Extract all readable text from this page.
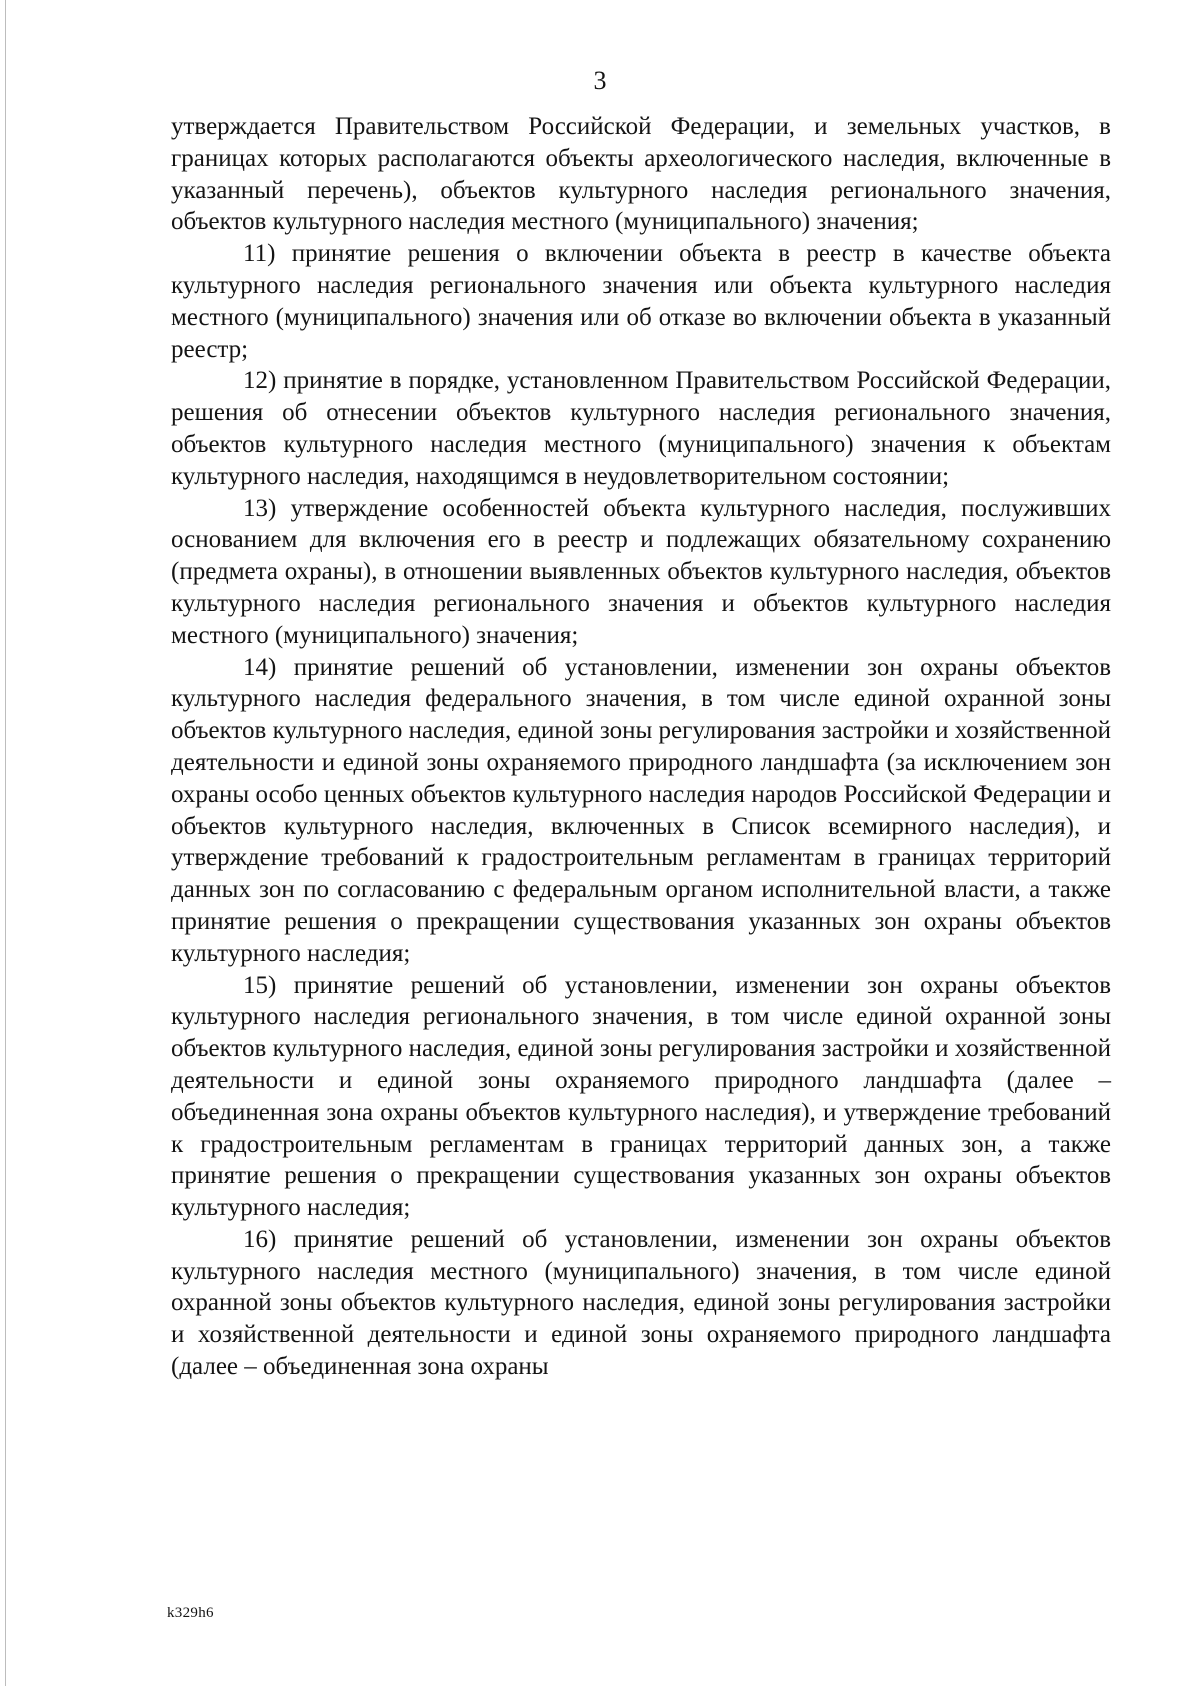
3

утверждается Правительством Российской Федерации, и земельных участков, в границах которых располагаются объекты археологического наследия, включенные в указанный перечень), объектов культурного наследия регионального значения, объектов культурного наследия местного (муниципального) значения;

11) принятие решения о включении объекта в реестр в качестве объекта культурного наследия регионального значения или объекта культурного наследия местного (муниципального) значения или об отказе во включении объекта в указанный реестр;

12) принятие в порядке, установленном Правительством Российской Федерации, решения об отнесении объектов культурного наследия регионального значения, объектов культурного наследия местного (муниципального) значения к объектам культурного наследия, находящимся в неудовлетворительном состоянии;

13) утверждение особенностей объекта культурного наследия, послуживших основанием для включения его в реестр и подлежащих обязательному сохранению (предмета охраны), в отношении выявленных объектов культурного наследия, объектов культурного наследия регионального значения и объектов культурного наследия местного (муниципального) значения;

14) принятие решений об установлении, изменении зон охраны объектов культурного наследия федерального значения, в том числе единой охранной зоны объектов культурного наследия, единой зоны регулирования застройки и хозяйственной деятельности и единой зоны охраняемого природного ландшафта (за исключением зон охраны особо ценных объектов культурного наследия народов Российской Федерации и объектов культурного наследия, включенных в Список всемирного наследия), и утверждение требований к градостроительным регламентам в границах территорий данных зон по согласованию с федеральным органом исполнительной власти, а также принятие решения о прекращении существования указанных зон охраны объектов культурного наследия;

15) принятие решений об установлении, изменении зон охраны объектов культурного наследия регионального значения, в том числе единой охранной зоны объектов культурного наследия, единой зоны регулирования застройки и хозяйственной деятельности и единой зоны охраняемого природного ландшафта (далее – объединенная зона охраны объектов культурного наследия), и утверждение требований к градостроительным регламентам в границах территорий данных зон, а также принятие решения о прекращении существования указанных зон охраны объектов культурного наследия;

16) принятие решений об установлении, изменении зон охраны объектов культурного наследия местного (муниципального) значения, в том числе единой охранной зоны объектов культурного наследия, единой зоны регулирования застройки и хозяйственной деятельности и единой зоны охраняемого природного ландшафта (далее – объединенная зона охраны

k329h6
